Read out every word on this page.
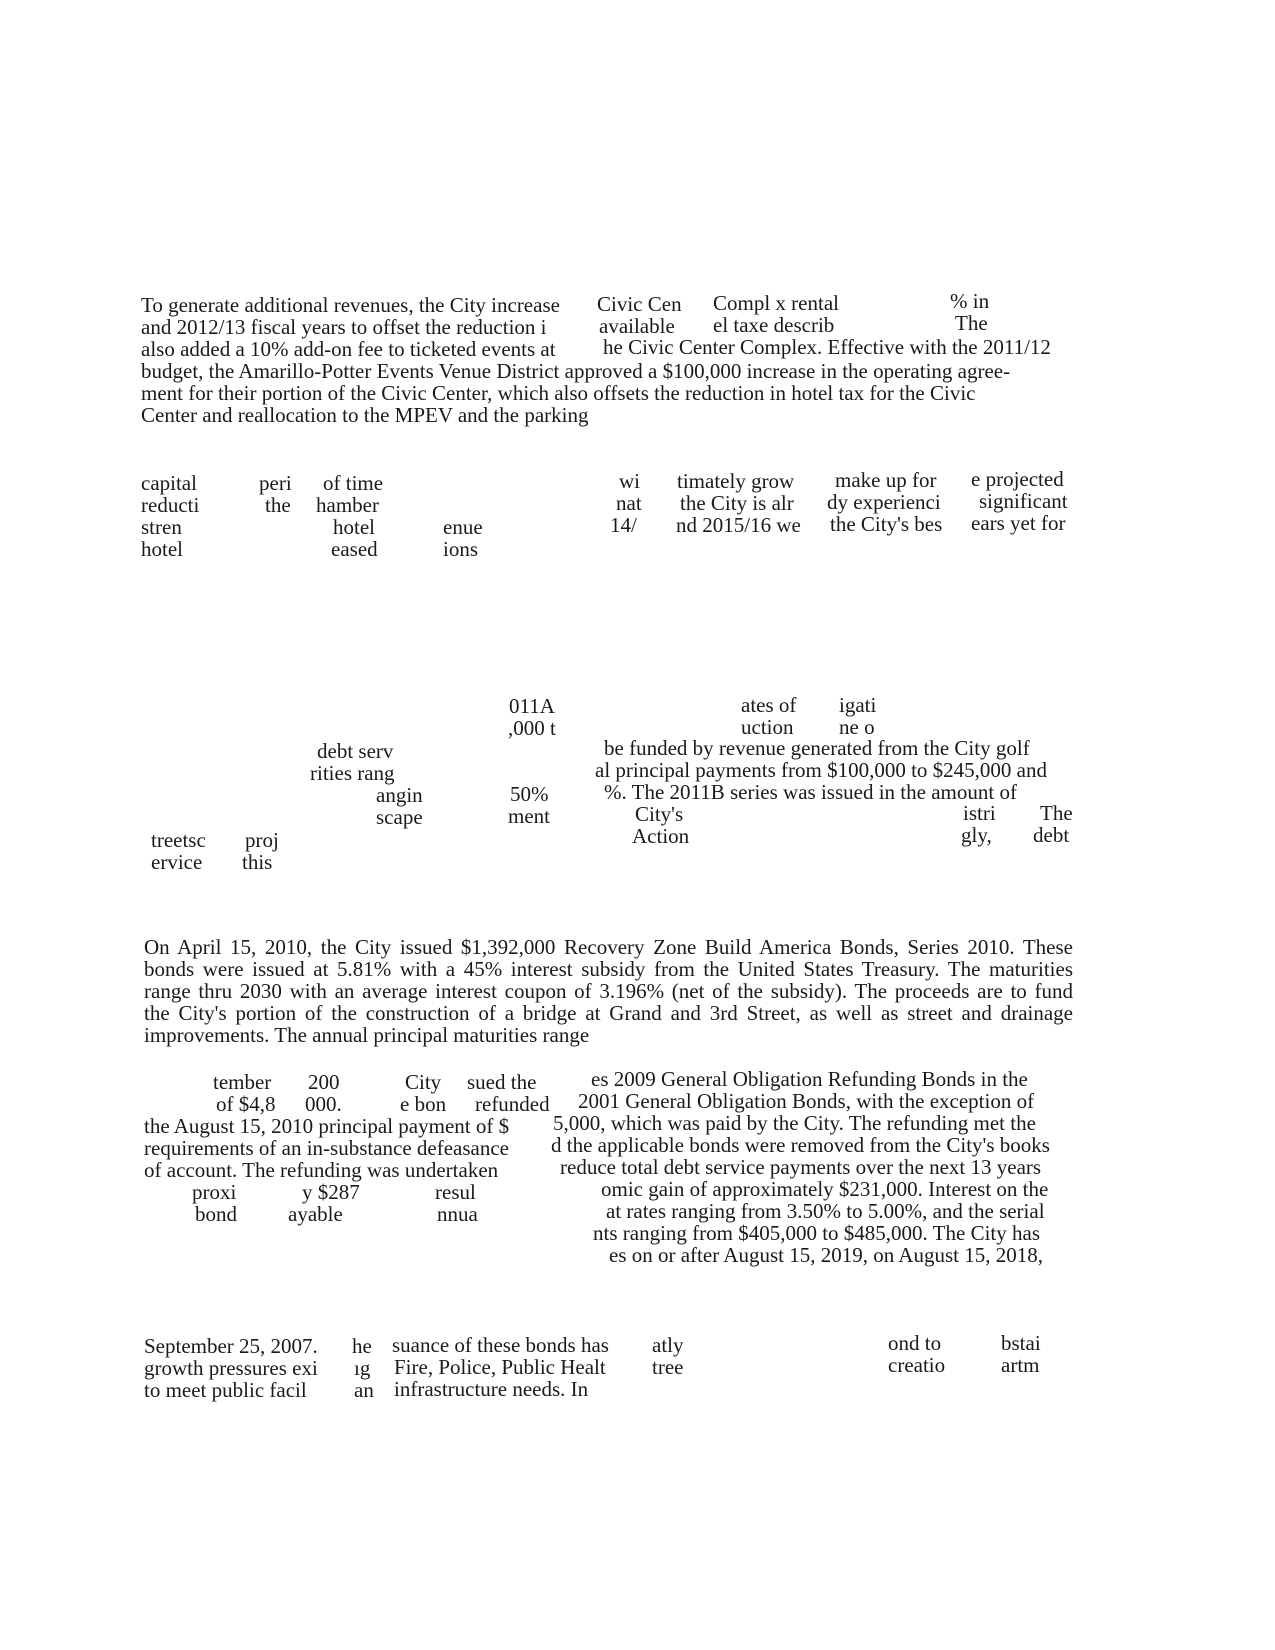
To generate additional revenues, the City increase Civic Cen Compl x rental	% in
and 2012/13 fiscal years to offset the reduction i available el taxe describ	The
also added a 10% add-on fee to ticketed events at he Civic Center Complex. Effective with the 2011/12
budget, the Amarillo-Potter Events Venue District approved a $100,000 increase in the operating agree-
ment for their portion of the Civic Center, which also offsets the reduction in hotel tax for the Civic
Center and reallocation to the MPEV and the parking
capital
reducti
stren
hotel
peri
the
of time
hamber
hotel
eased
enue
ions
wi
nat
14/
timately grow
the City is alr
nd 2015/16 we
make up for
dy experienci
the City's bes
e projected
significant
ears yet for
011A
,000 t
ates of
uction
igati
ne o
debt serv
rities rang
angin
scape
50%
ment
be funded by revenue generated from the City golf
al principal payments from $100,000 to $245,000 and
%. The 2011B series was issued in the amount of
City's
Action
istri
gly,
The
debt
treetsc
ervice
proj
this
On April 15, 2010, the City issued $1,392,000 Recovery Zone Build America Bonds, Series 2010. These
bonds were issued at 5.81% with a 45% interest subsidy from the United States Treasury. The maturities
range thru 2030 with an average interest coupon of 3.196% (net of the subsidy). The proceeds are to fund
the City's portion of the construction of a bridge at Grand and 3rd Street, as well as street and drainage
improvements. The annual principal maturities range
tember 200	City sued the	es 2009 General Obligation Refunding Bonds in the
of $4,8 000.	e bon refunded 2001 General Obligation Bonds, with the exception of
the August 15, 2010 principal payment of $ 5,000, which was paid by the City. The refunding met the
requirements of an in-substance defeasance d the applicable bonds were removed from the City's books
of account. The refunding was undertaken	reduce total debt service payments over the next 13 years
proxi	y $287	resul	omic gain of approximately $231,000. Interest on the
bond ayable	nnua	at rates ranging from 3.50% to 5.00%, and the serial
nts ranging from $405,000 to $485,000. The City has
es on or after August 15, 2019, on August 15, 2018,
September 25, 2007. he suance of these bonds has atly	ond to	bstai
growth pressures exi ıg Fire, Police, Public Healt tree	creatio	artm
to meet public facil an infrastructure needs. In
